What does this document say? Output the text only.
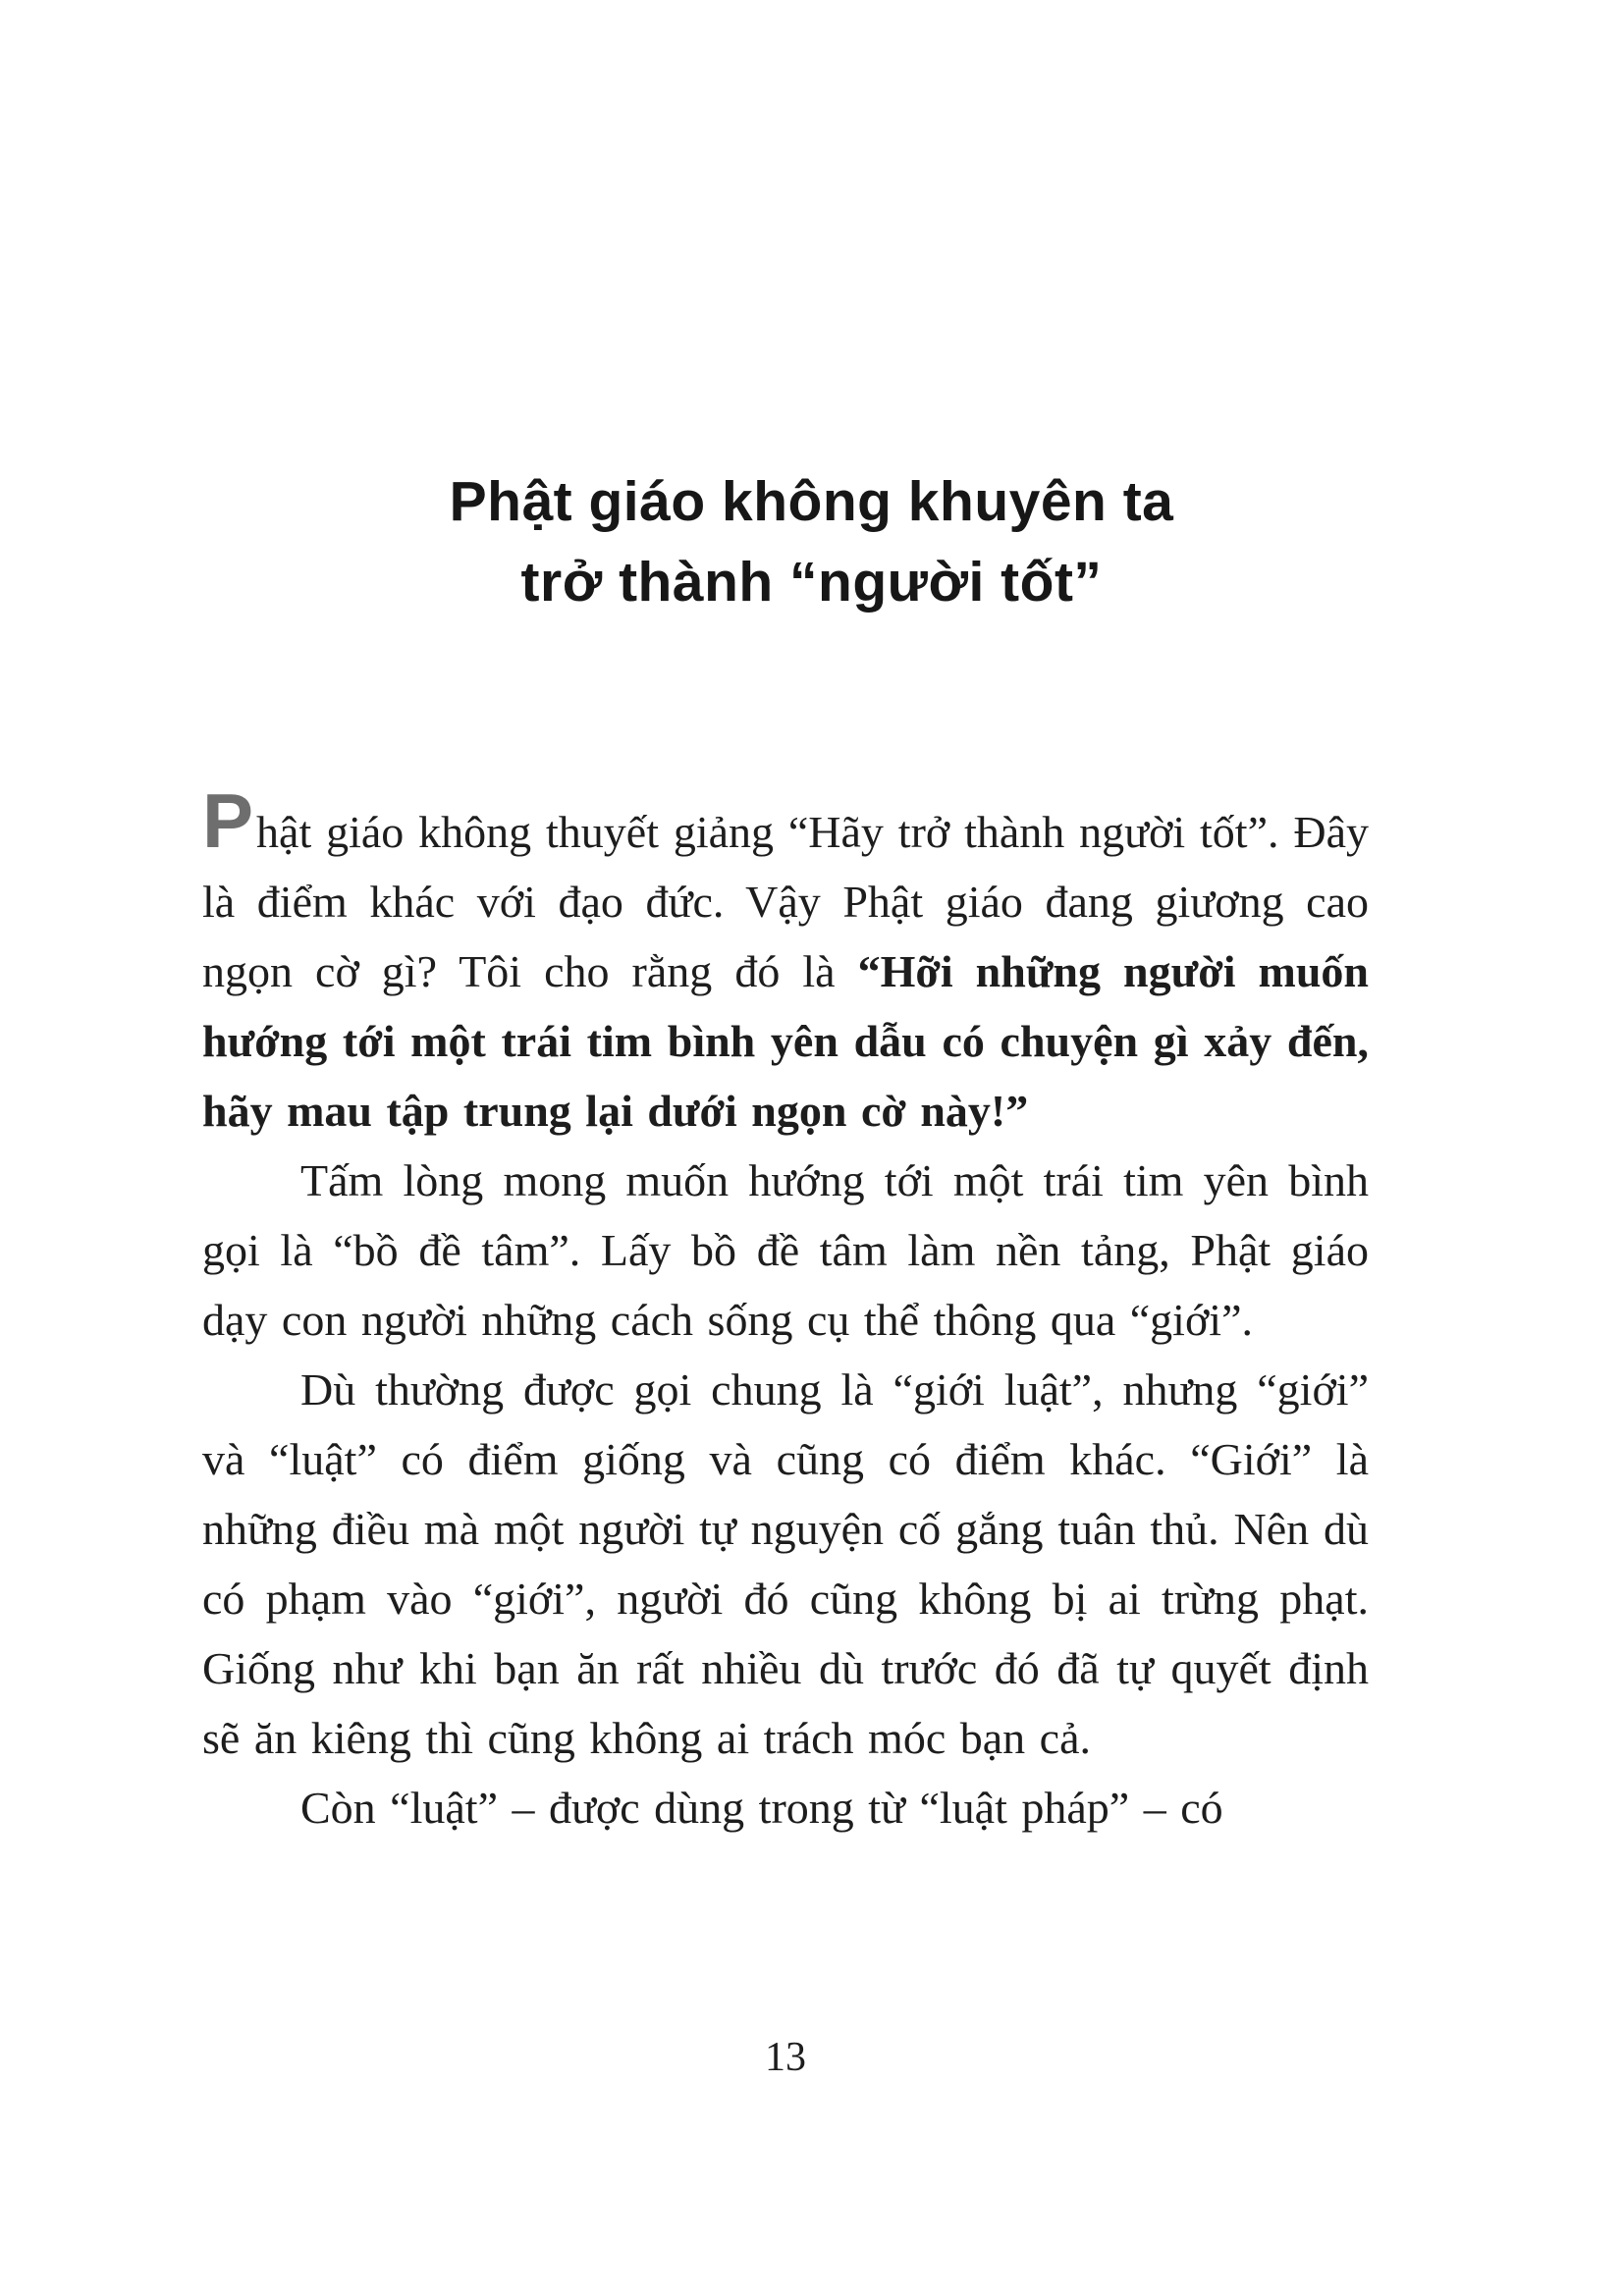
Phật giáo không khuyên ta
trở thành “người tốt”

Phật giáo không thuyết giảng “Hãy trở thành người tốt”. Đây là điểm khác với đạo đức. Vậy Phật giáo đang giương cao ngọn cờ gì? Tôi cho rằng đó là “Hỡi những người muốn hướng tới một trái tim bình yên dẫu có chuyện gì xảy đến, hãy mau tập trung lại dưới ngọn cờ này!”

Tấm lòng mong muốn hướng tới một trái tim yên bình gọi là “bồ đề tâm”. Lấy bồ đề tâm làm nền tảng, Phật giáo dạy con người những cách sống cụ thể thông qua “giới”.

Dù thường được gọi chung là “giới luật”, nhưng “giới” và “luật” có điểm giống và cũng có điểm khác. “Giới” là những điều mà một người tự nguyện cố gắng tuân thủ. Nên dù có phạm vào “giới”, người đó cũng không bị ai trừng phạt. Giống như khi bạn ăn rất nhiều dù trước đó đã tự quyết định sẽ ăn kiêng thì cũng không ai trách móc bạn cả.

Còn “luật” – được dùng trong từ “luật pháp” – có

13
